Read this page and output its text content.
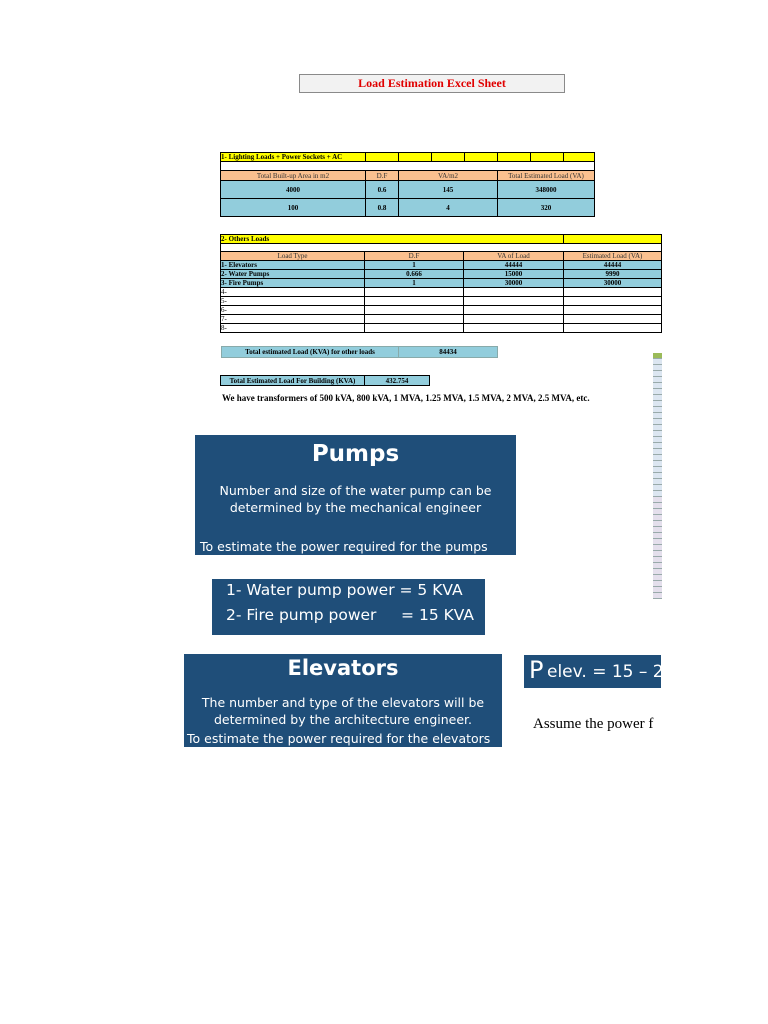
Load Estimation Excel Sheet
1- Lighting Loads + Power Sockets + AC							

Total Built-up Area in m2	D.F	VA/m2			Total Estimated Load (VA)		
4000	0.6	145			348000		
100	0.8	4			320		
2- Others Loads			

Load Type	D.F	VA of Load	Estimated Load (VA)
1- Elevators	1	44444	44444
2- Water Pumps	0.666	15000	9990
3- Fire Pumps	1	30000	30000
4-			
5-			
6-			
7-			
8-			
Total estimated Load (KVA) for other loads	84434
Total Estimated Load For Building (KVA)	432.754
We have transformers of 500 kVA, 800 kVA, 1 MVA, 1.25 MVA, 1.5 MVA, 2 MVA, 2.5 MVA, etc.
Pumps
Number and size of the water pump can be determined by the mechanical engineer
To estimate the power required for the pumps
1- Water pump power = 5 KVA
2- Fire pump power     = 15 KVA
Elevators
The number and type of the elevators will be determined by the architecture engineer.
To estimate the power required for the elevators
P elev. = 15 – 25
Assume the power f
